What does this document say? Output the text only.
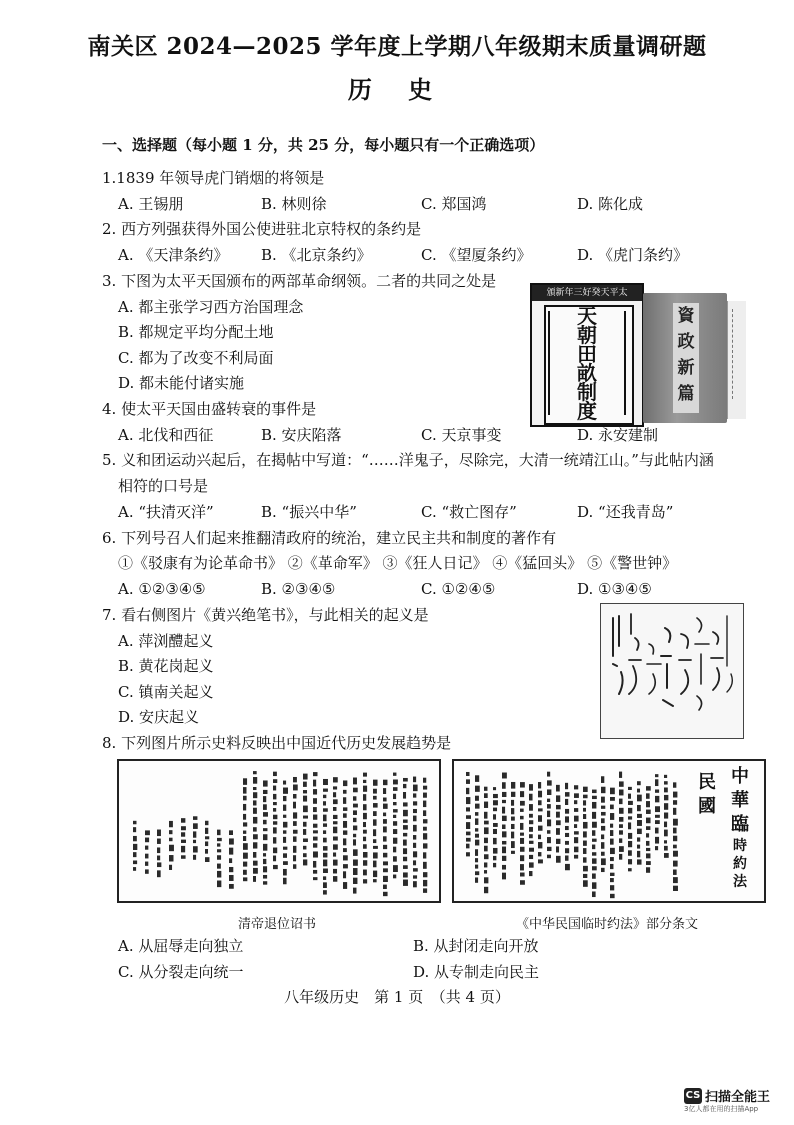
南关区 2024—2025 学年度上学期八年级期末质量调研题
历 史
一、选择题（每小题 1 分，共 25 分，每小题只有一个正确选项）
1.1839 年领导虎门销烟的将领是
A. 王锡朋	B. 林则徐	C. 郑国鸿	D. 陈化成
2. 西方列强获得外国公使进驻北京特权的条约是
A. 《天津条约》 B. 《北京条约》	C. 《望厦条约》	D. 《虎门条约》
3. 下图为太平天国颁布的两部革命纲领。二者的共同之处是
A. 都主张学习西方治国理念
B. 都规定平均分配土地
C. 都为了改变不利局面
D. 都未能付诸实施
頒新年三好癸天平太
天
朝
田
畝
制
度
資
政
新
篇
4. 使太平天国由盛转衰的事件是
A. 北伐和西征	B. 安庆陷落	C. 天京事变	D. 永安建制
5. 义和团运动兴起后，在揭帖中写道：“……洋鬼子，尽除完，大清一统靖江山。”与此帖内涵
相符的口号是
A. “扶清灭洋”	B. “振兴中华”	C. “救亡图存”	D. “还我青岛”
6. 下列号召人们起来推翻清政府的统治，建立民主共和制度的著作有
①《驳康有为论革命书》 ②《革命军》 ③《狂人日记》 ④《猛回头》 ⑤《警世钟》
A. ①②③④⑤	B. ②③④⑤	C. ①②④⑤	D. ①③④⑤
7. 看右侧图片《黄兴绝笔书》，与此相关的起义是
A. 萍浏醴起义
B. 黄花岗起义
C. 镇南关起义
D. 安庆起义
8. 下列图片所示史料反映出中国近代历史发展趋势是
民
國
中
華
臨
時
約
法
清帝退位诏书	《中华民国临时约法》部分条文
A. 从屈辱走向独立	B. 从封闭走向开放
C. 从分裂走向统一	D. 从专制走向民主
八年级历史　第 1 页　（共 4 页）
CS 扫描全能王
3亿人都在用的扫描App
